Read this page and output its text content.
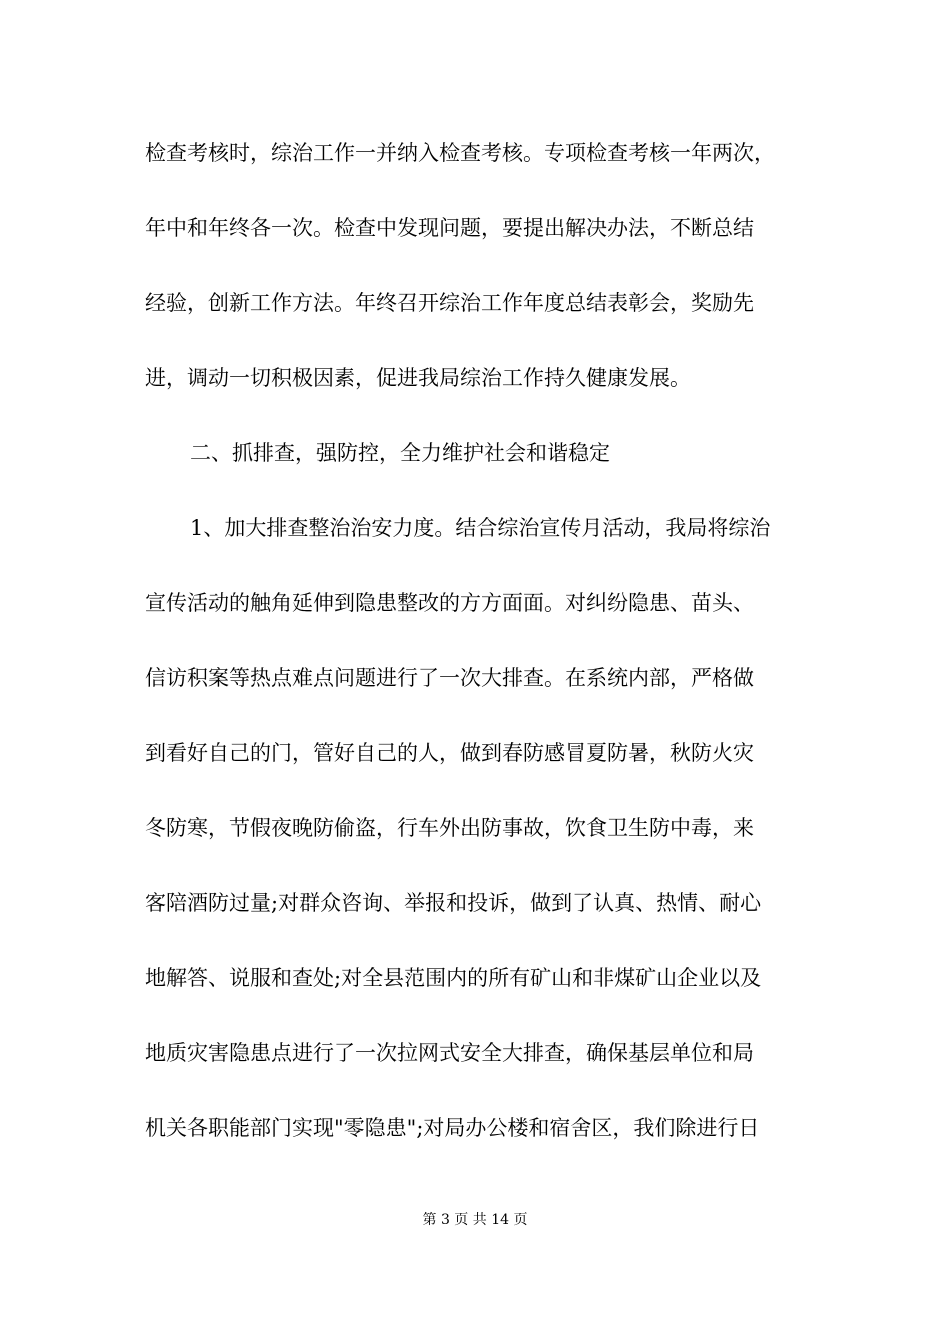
检查考核时，综治工作一并纳入检查考核。专项检查考核一年两次，
年中和年终各一次。检查中发现问题，要提出解决办法，不断总结
经验，创新工作方法。年终召开综治工作年度总结表彰会，奖励先
进，调动一切积极因素，促进我局综治工作持久健康发展。
二、抓排查，强防控，全力维护社会和谐稳定
1、加大排查整治治安力度。结合综治宣传月活动，我局将综治
宣传活动的触角延伸到隐患整改的方方面面。对纠纷隐患、苗头、
信访积案等热点难点问题进行了一次大排查。在系统内部，严格做
到看好自己的门，管好自己的人，做到春防感冒夏防暑，秋防火灾
冬防寒，节假夜晚防偷盗，行车外出防事故，饮食卫生防中毒，来
客陪酒防过量;对群众咨询、举报和投诉，做到了认真、热情、耐心
地解答、说服和查处;对全县范围内的所有矿山和非煤矿山企业以及
地质灾害隐患点进行了一次拉网式安全大排查，确保基层单位和局
机关各职能部门实现"零隐患";对局办公楼和宿舍区，我们除进行日
第 3 页 共 14 页
